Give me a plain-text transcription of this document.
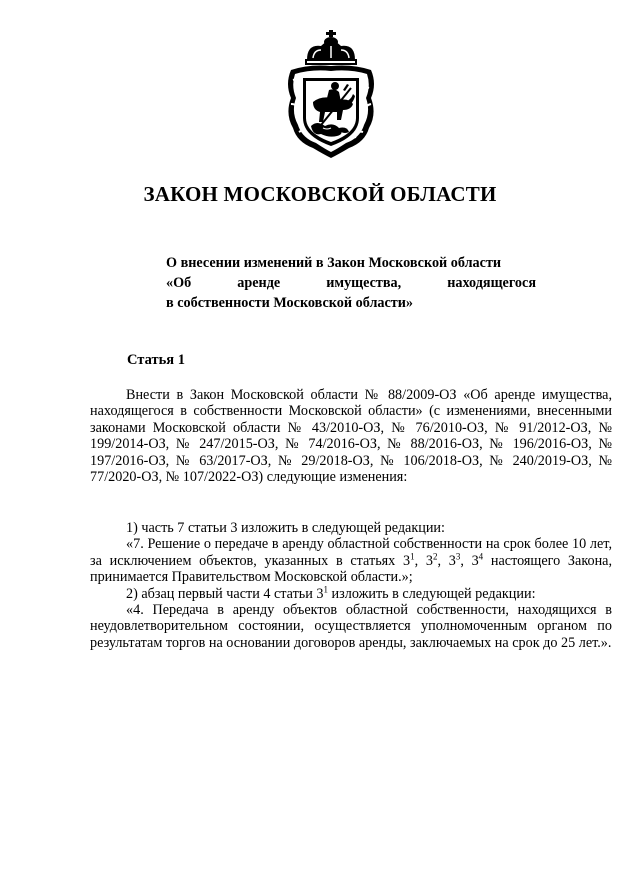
ЗАКОН МОСКОВСКОЙ ОБЛАСТИ
О внесении изменений в Закон Московской области
«Об аренде имущества, находящегося
в собственности Московской области»
Статья 1

Внести в Закон Московской области № 88/2009-ОЗ «Об аренде имущества, находящегося в собственности Московской области» (с изменениями, внесенными законами Московской области № 43/2010-ОЗ, № 76/2010-ОЗ, № 91/2012-ОЗ, № 199/2014-ОЗ, № 247/2015-ОЗ, № 74/2016-ОЗ, № 88/2016-ОЗ, № 196/2016-ОЗ, № 197/2016-ОЗ, № 63/2017-ОЗ, № 29/2018-ОЗ, № 106/2018-ОЗ, № 240/2019-ОЗ, № 77/2020-ОЗ, № 107/2022-ОЗ) следующие изменения:

1) часть 7 статьи 3 изложить в следующей редакции:

«7. Решение о передаче в аренду областной собственности на срок более 10 лет, за исключением объектов, указанных в статьях $3^1$, $3^2$, $3^3$, $3^4$ настоящего Закона, принимается Правительством Московской области.»;

2) абзац первый части 4 статьи $3^1$ изложить в следующей редакции:

«4. Передача в аренду объектов областной собственности, находящихся в неудовлетворительном состоянии, осуществляется уполномоченным органом по результатам торгов на основании договоров аренды, заключаемых на срок до 25 лет.».
